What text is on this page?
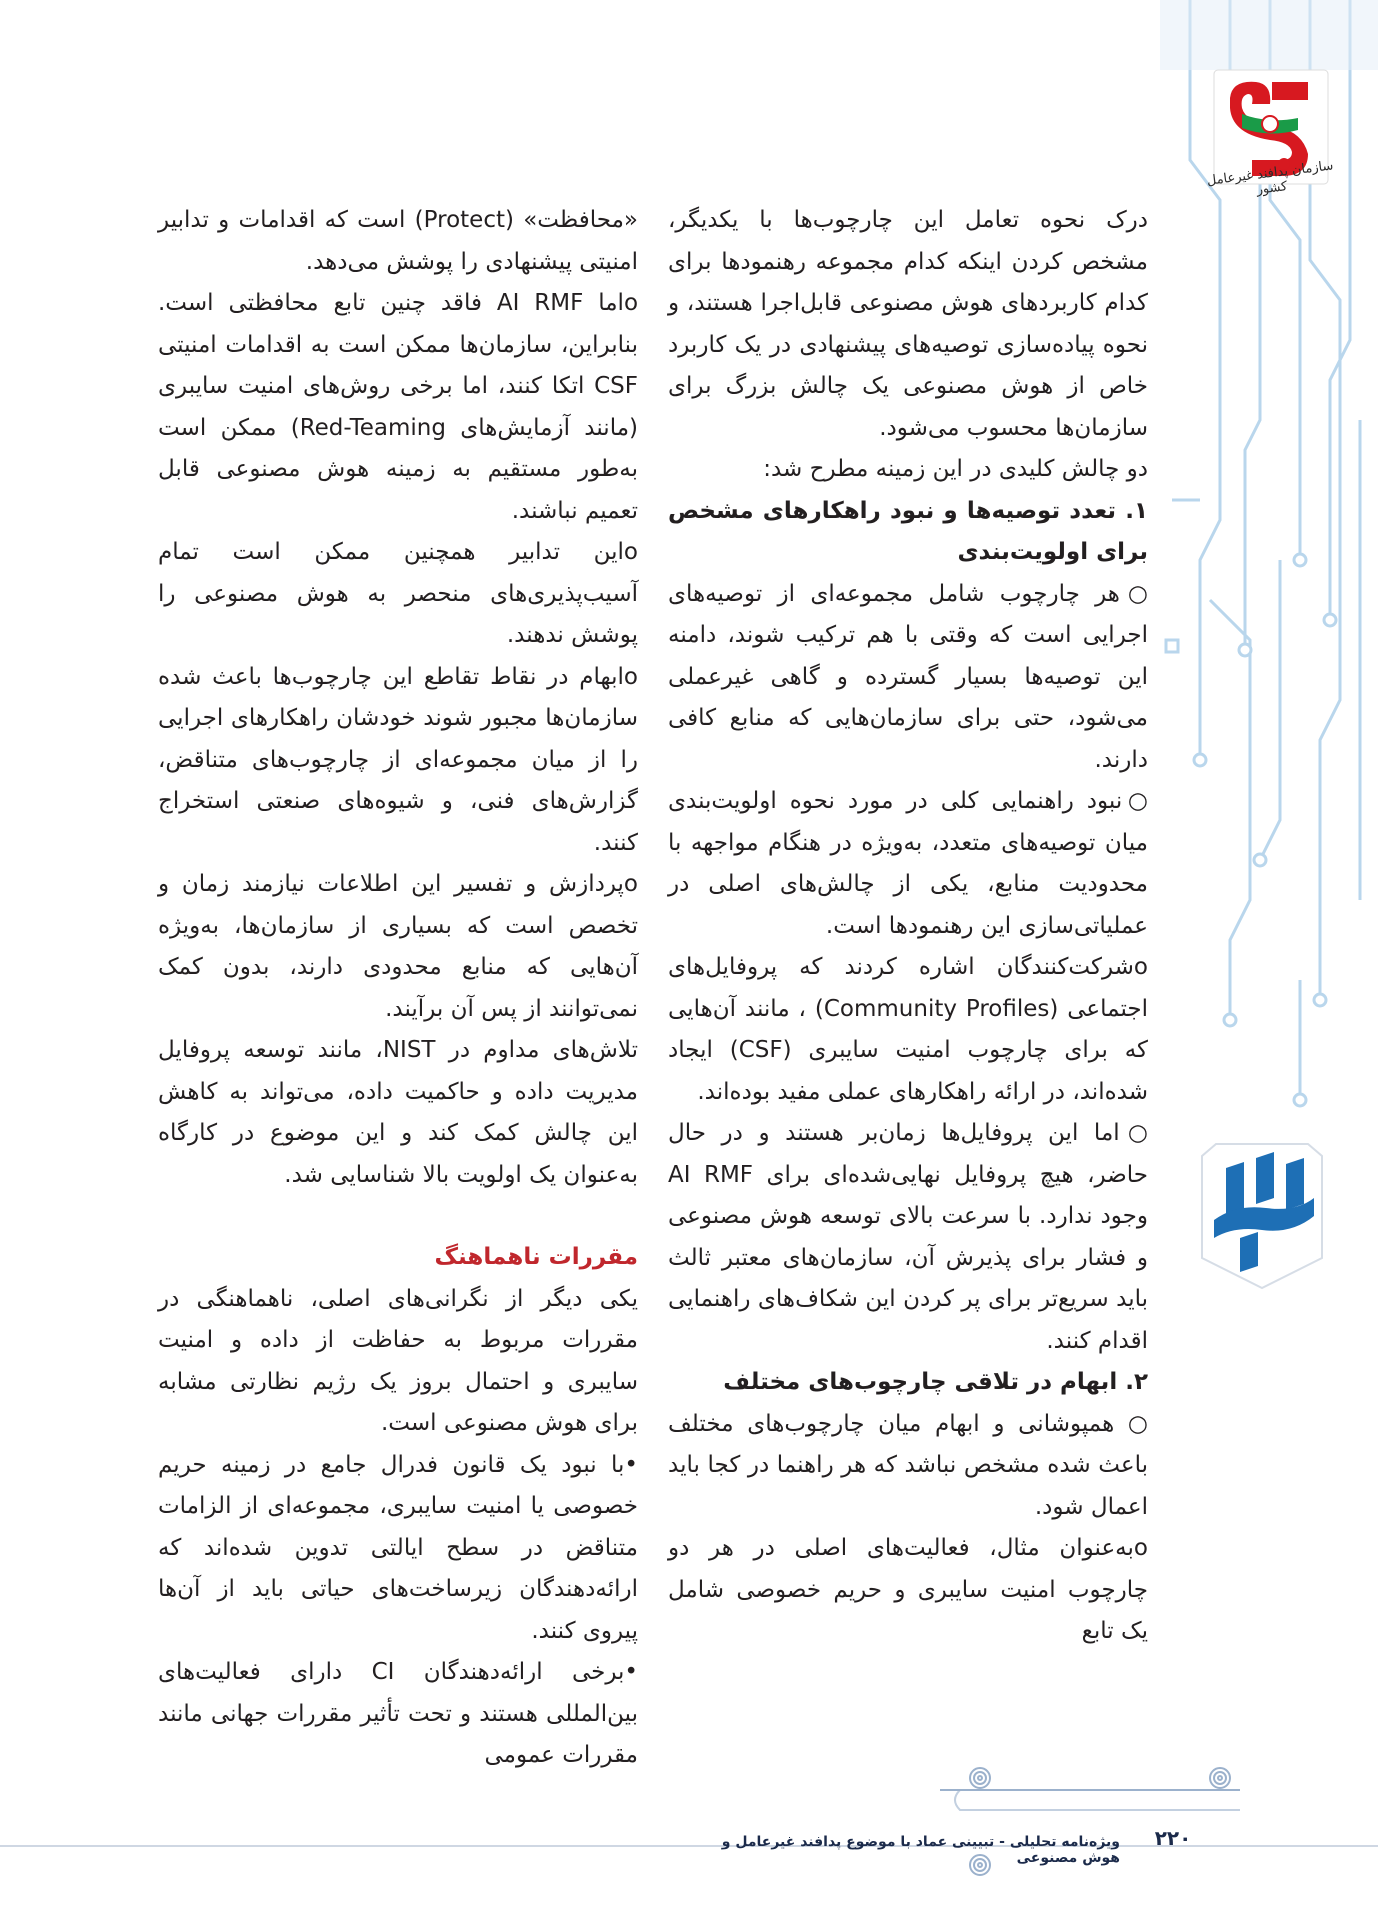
سازمان پدافند غیرعامل کشور

درک نحوه تعامل این چارچوب‌ها با یکدیگر، مشخص کردن اینکه کدام مجموعه رهنمودها برای کدام کاربردهای هوش مصنوعی قابل‌اجرا هستند، و نحوه پیاده‌سازی توصیه‌های پیشنهادی در یک کاربرد خاص از هوش مصنوعی یک چالش بزرگ برای سازمان‌ها محسوب می‌شود.

دو چالش کلیدی در این زمینه مطرح شد:

۱. تعدد توصیه‌ها و نبود راهکارهای مشخص برای اولویت‌بندی

○هر چارچوب شامل مجموعه‌ای از توصیه‌های اجرایی است که وقتی با هم ترکیب شوند، دامنه این توصیه‌ها بسیار گسترده و گاهی غیرعملی می‌شود، حتی برای سازمان‌هایی که منابع کافی دارند.

○نبود راهنمایی کلی در مورد نحوه اولویت‌بندی میان توصیه‌های متعدد، به‌ویژه در هنگام مواجهه با محدودیت منابع، یکی از چالش‌های اصلی در عملیاتی‌سازی این رهنمودها است.

oشرکت‌کنندگان اشاره کردند که پروفایل‌های اجتماعی (Community Profiles) ، مانند آن‌هایی که برای چارچوب امنیت سایبری (CSF) ایجاد شده‌اند، در ارائه راهکارهای عملی مفید بوده‌اند.

○اما این پروفایل‌ها زمان‌بر هستند و در حال حاضر، هیچ پروفایل نهایی‌شده‌ای برای AI RMF وجود ندارد. با سرعت بالای توسعه هوش مصنوعی و فشار برای پذیرش آن، سازمان‌های معتبر ثالث باید سریع‌تر برای پر کردن این شکاف‌های راهنمایی اقدام کنند.

۲. ابهام در تلاقی چارچوب‌های مختلف

○ همپوشانی و ابهام میان چارچوب‌های مختلف باعث شده مشخص نباشد که هر راهنما در کجا باید اعمال شود.

oبه‌عنوان مثال، فعالیت‌های اصلی در هر دو چارچوب امنیت سایبری و حریم خصوصی شامل یک تابع

«محافظت» (Protect) است که اقدامات و تدابیر امنیتی پیشنهادی را پوشش می‌دهد.

oاما AI RMF فاقد چنین تابع محافظتی است. بنابراین، سازمان‌ها ممکن است به اقدامات امنیتی CSF اتکا کنند، اما برخی روش‌های امنیت سایبری (مانند آزمایش‌های Red-Teaming) ممکن است به‌طور مستقیم به زمینه هوش مصنوعی قابل تعمیم نباشند.

oاین تدابیر همچنین ممکن است تمام آسیب‌پذیری‌های منحصر به هوش مصنوعی را پوشش ندهند.

oابهام در نقاط تقاطع این چارچوب‌ها باعث شده سازمان‌ها مجبور شوند خودشان راهکارهای اجرایی را از میان مجموعه‌ای از چارچوب‌های متناقض، گزارش‌های فنی، و شیوه‌های صنعتی استخراج کنند.

oپردازش و تفسیر این اطلاعات نیازمند زمان و تخصص است که بسیاری از سازمان‌ها، به‌ویژه آن‌هایی که منابع محدودی دارند، بدون کمک نمی‌توانند از پس آن برآیند.

تلاش‌های مداوم در NIST، مانند توسعه پروفایل مدیریت داده و حاکمیت داده، می‌تواند به کاهش این چالش کمک کند و این موضوع در کارگاه به‌عنوان یک اولویت بالا شناسایی شد.

مقررات ناهماهنگ

یکی دیگر از نگرانی‌های اصلی، ناهماهنگی در مقررات مربوط به حفاظت از داده و امنیت سایبری و احتمال بروز یک رژیم نظارتی مشابه برای هوش مصنوعی است.

•با نبود یک قانون فدرال جامع در زمینه حریم خصوصی یا امنیت سایبری، مجموعه‌ای از الزامات متناقض در سطح ایالتی تدوین شده‌اند که ارائه‌دهندگان زیرساخت‌های حیاتی باید از آن‌ها پیروی کنند.

•برخی ارائه‌دهندگان CI دارای فعالیت‌های بین‌المللی هستند و تحت تأثیر مقررات جهانی مانند مقررات عمومی

ویژه‌نامه تحلیلی - تبیینی عماد با موضوع پدافند غیرعامل و هوش مصنوعی
۲۲۰
